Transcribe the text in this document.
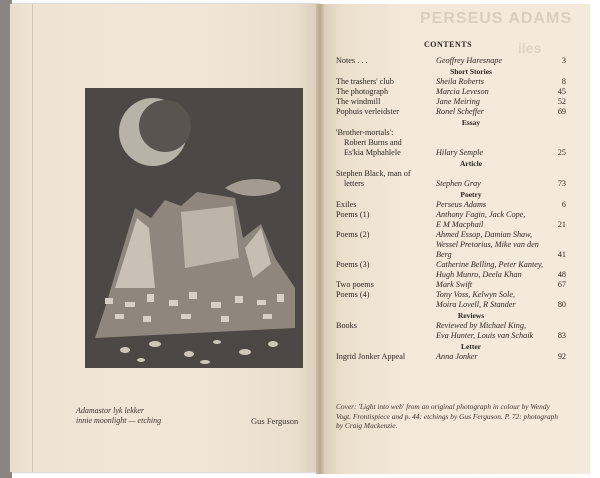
Adamastor lyk lekker
innie moonlight — etching	Gus Ferguson
PERSEUS ADAMS
iles
CONTENTS
Notes . . .	Geoffrey Haresnape	3
Short Stories
The trashers' club	Sheila Roberts	8
The photograph	Marcia Leveson	45
The windmill	Jane Meiring	52
Pophuis verleidster	Ronel Scheffer	69
Essay
'Brother-mortals':
Robert Burns and
Es'kia Mphahlele	Hilary Semple	25
Article
Stephen Black, man of
letters	Stephen Gray	73
Poetry
Exiles	Perseus Adams	6
Poems (1)	Anthony Fagin, Jack Cope,
E M Macphail	21
Poems (2)	Ahmed Essop, Damian Shaw,
Wessel Pretorius, Mike van den
Berg	41
Poems (3)	Catherine Belling, Peter Kantey,
Hugh Munro, Deela Khan	48
Two poems	Mark Swift	67
Poems (4)	Tony Voss, Kelwyn Sole,
Moira Lovell, R Stander	80
Reviews
Books	Reviewed by Michael King,
Eva Hunter, Louis van Schaik	83
Letter
Ingrid Jonker Appeal	Anna Jonker	92
Cover: 'Light into web' from an original photograph in colour by Wendy Vogt. Frontispiece and p. 44: etchings by Gus Ferguson. P. 72: photograph by Craig Mackenzie.
